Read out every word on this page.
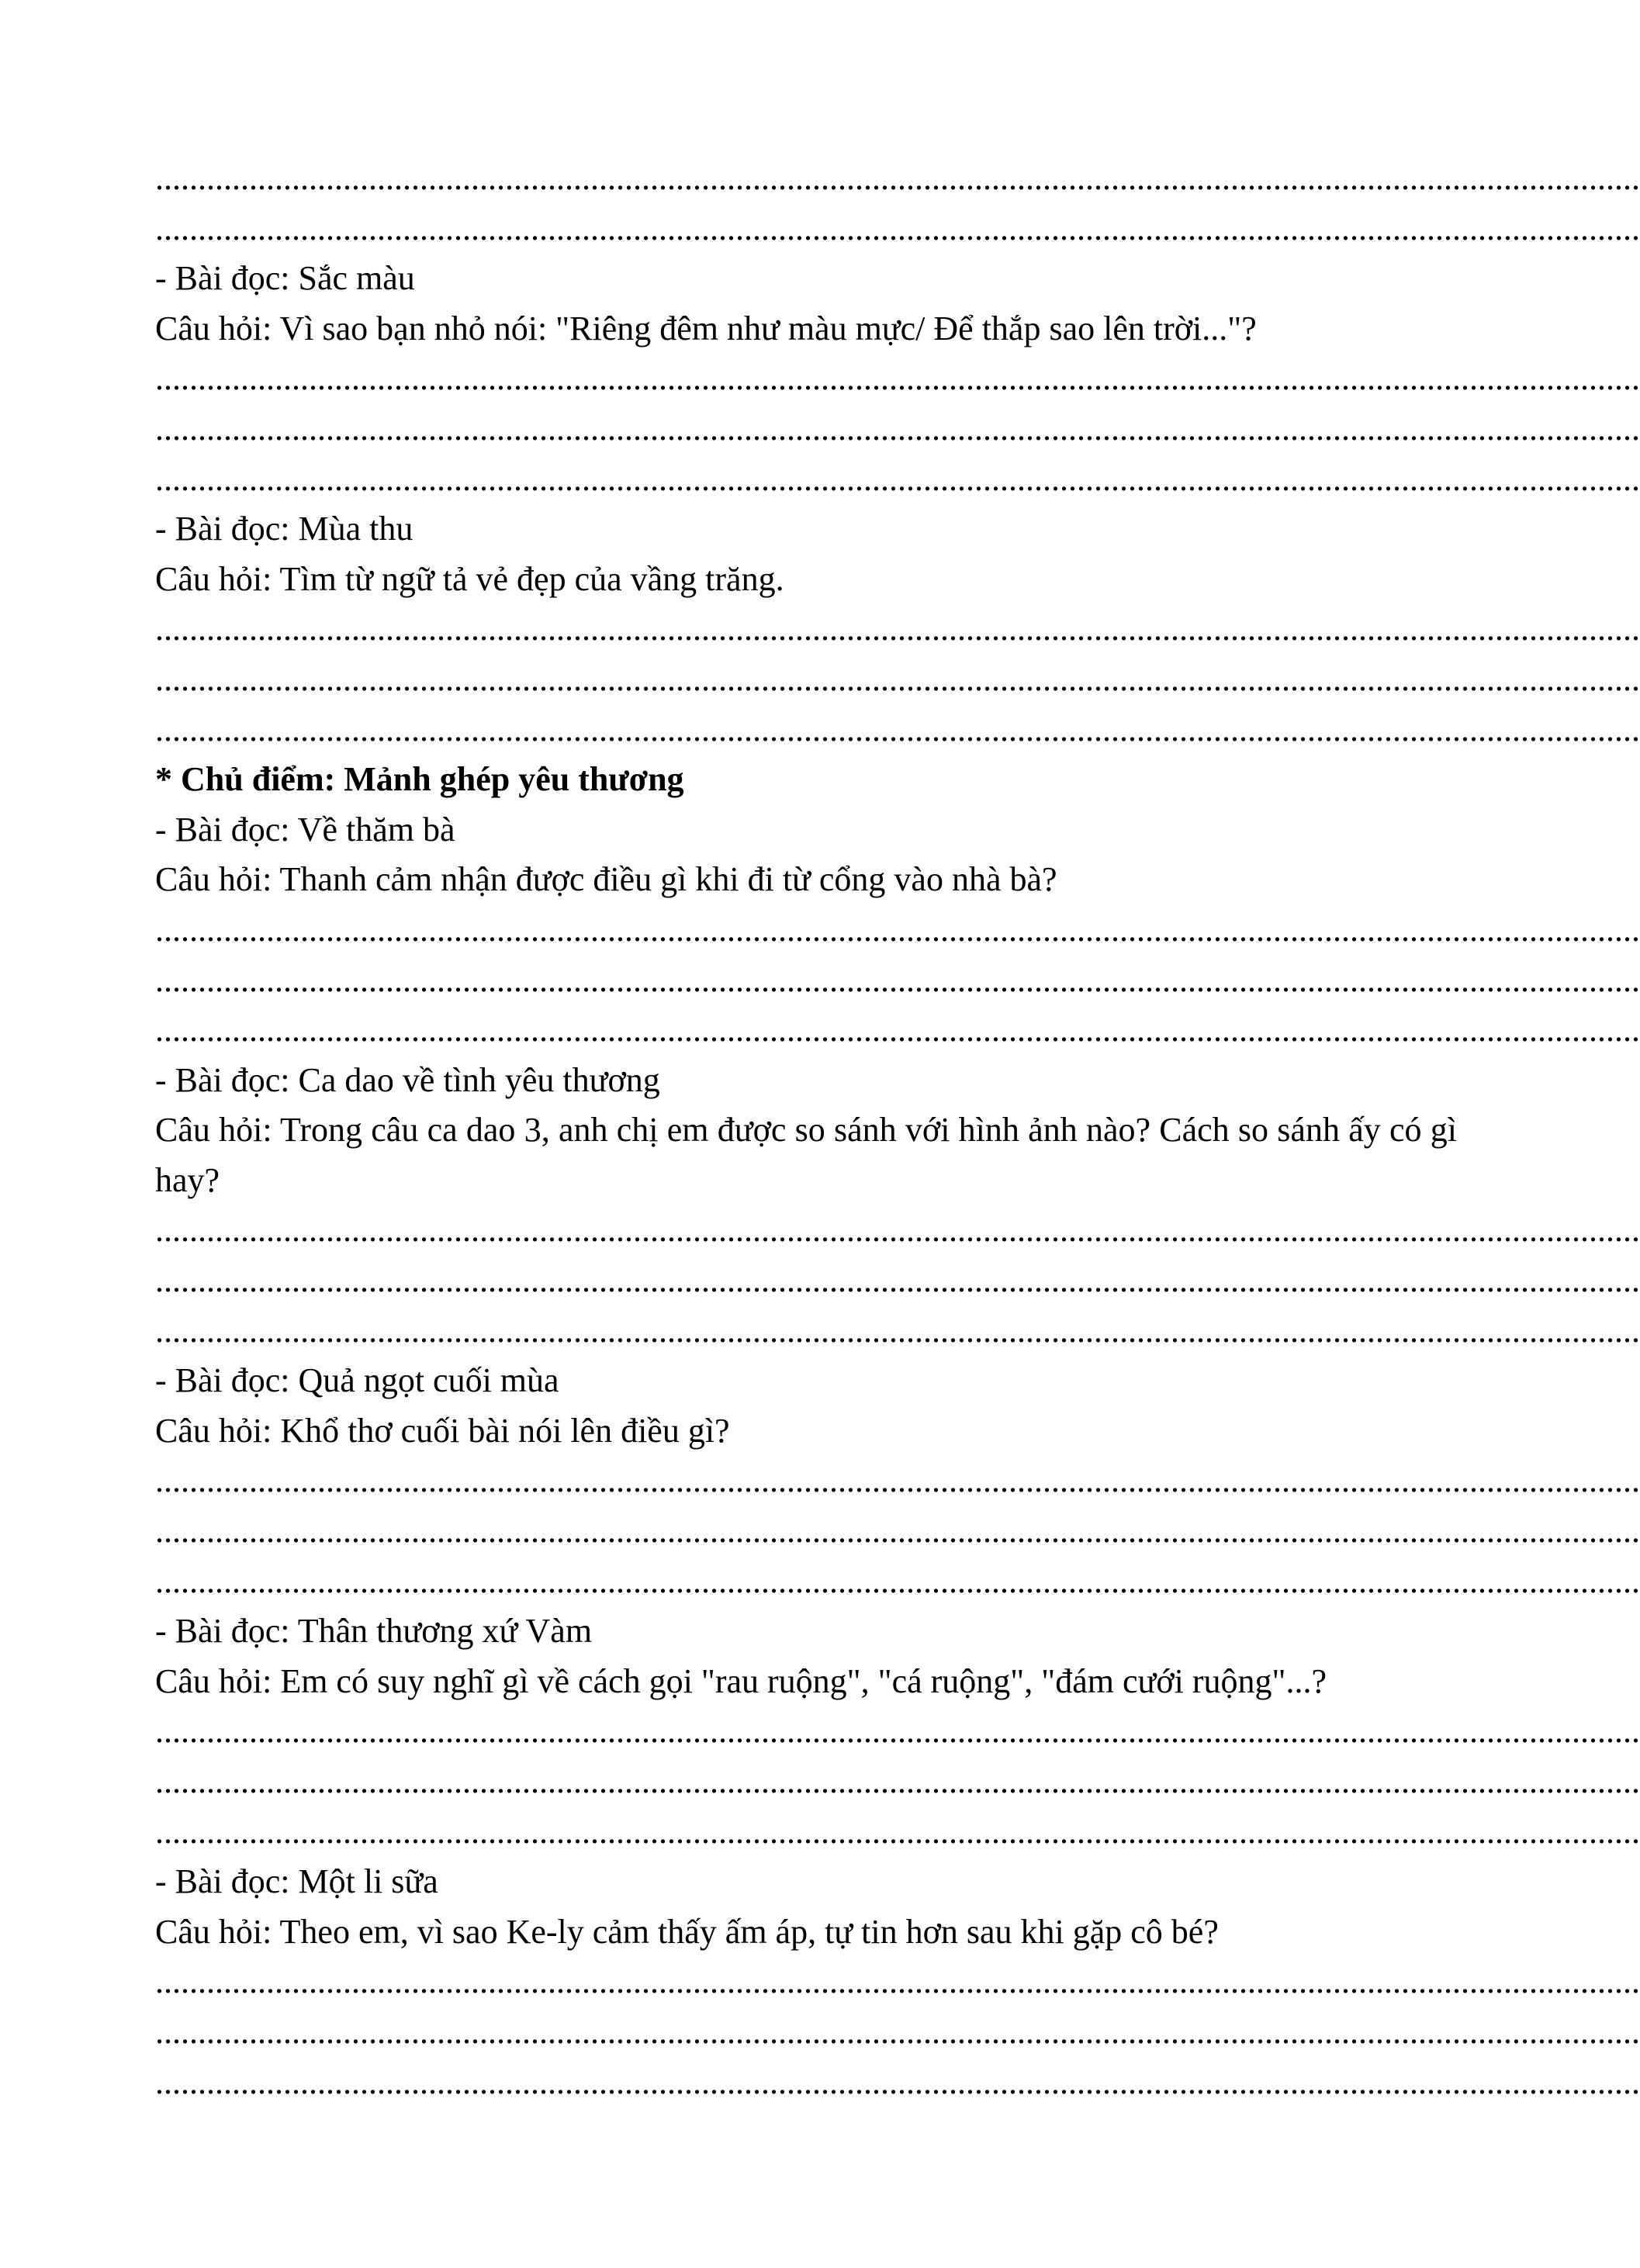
..............................................................................................................................................................................
..............................................................................................................................................................................
- Bài đọc: Sắc màu
Câu hỏi: Vì sao bạn nhỏ nói: "Riêng đêm như màu mực/ Để thắp sao lên trời..."?
..............................................................................................................................................................................
..............................................................................................................................................................................
..............................................................................................................................................................................
- Bài đọc: Mùa thu
Câu hỏi: Tìm từ ngữ tả vẻ đẹp của vầng trăng.
..............................................................................................................................................................................
..............................................................................................................................................................................
..............................................................................................................................................................................
* Chủ điểm: Mảnh ghép yêu thương
- Bài đọc: Về thăm bà
Câu hỏi: Thanh cảm nhận được điều gì khi đi từ cổng vào nhà bà?
..............................................................................................................................................................................
..............................................................................................................................................................................
..............................................................................................................................................................................
- Bài đọc: Ca dao về tình yêu thương
Câu hỏi: Trong câu ca dao 3, anh chị em được so sánh với hình ảnh nào? Cách so sánh ấy có gì hay?
..............................................................................................................................................................................
..............................................................................................................................................................................
..............................................................................................................................................................................
- Bài đọc: Quả ngọt cuối mùa
Câu hỏi: Khổ thơ cuối bài nói lên điều gì?
..............................................................................................................................................................................
..............................................................................................................................................................................
..............................................................................................................................................................................
- Bài đọc: Thân thương xứ Vàm
Câu hỏi: Em có suy nghĩ gì về cách gọi "rau ruộng", "cá ruộng", "đám cưới ruộng"...?
..............................................................................................................................................................................
..............................................................................................................................................................................
..............................................................................................................................................................................
- Bài đọc: Một li sữa
Câu hỏi: Theo em, vì sao Ke-ly cảm thấy ấm áp, tự tin hơn sau khi gặp cô bé?
..............................................................................................................................................................................
..............................................................................................................................................................................
..............................................................................................................................................................................
